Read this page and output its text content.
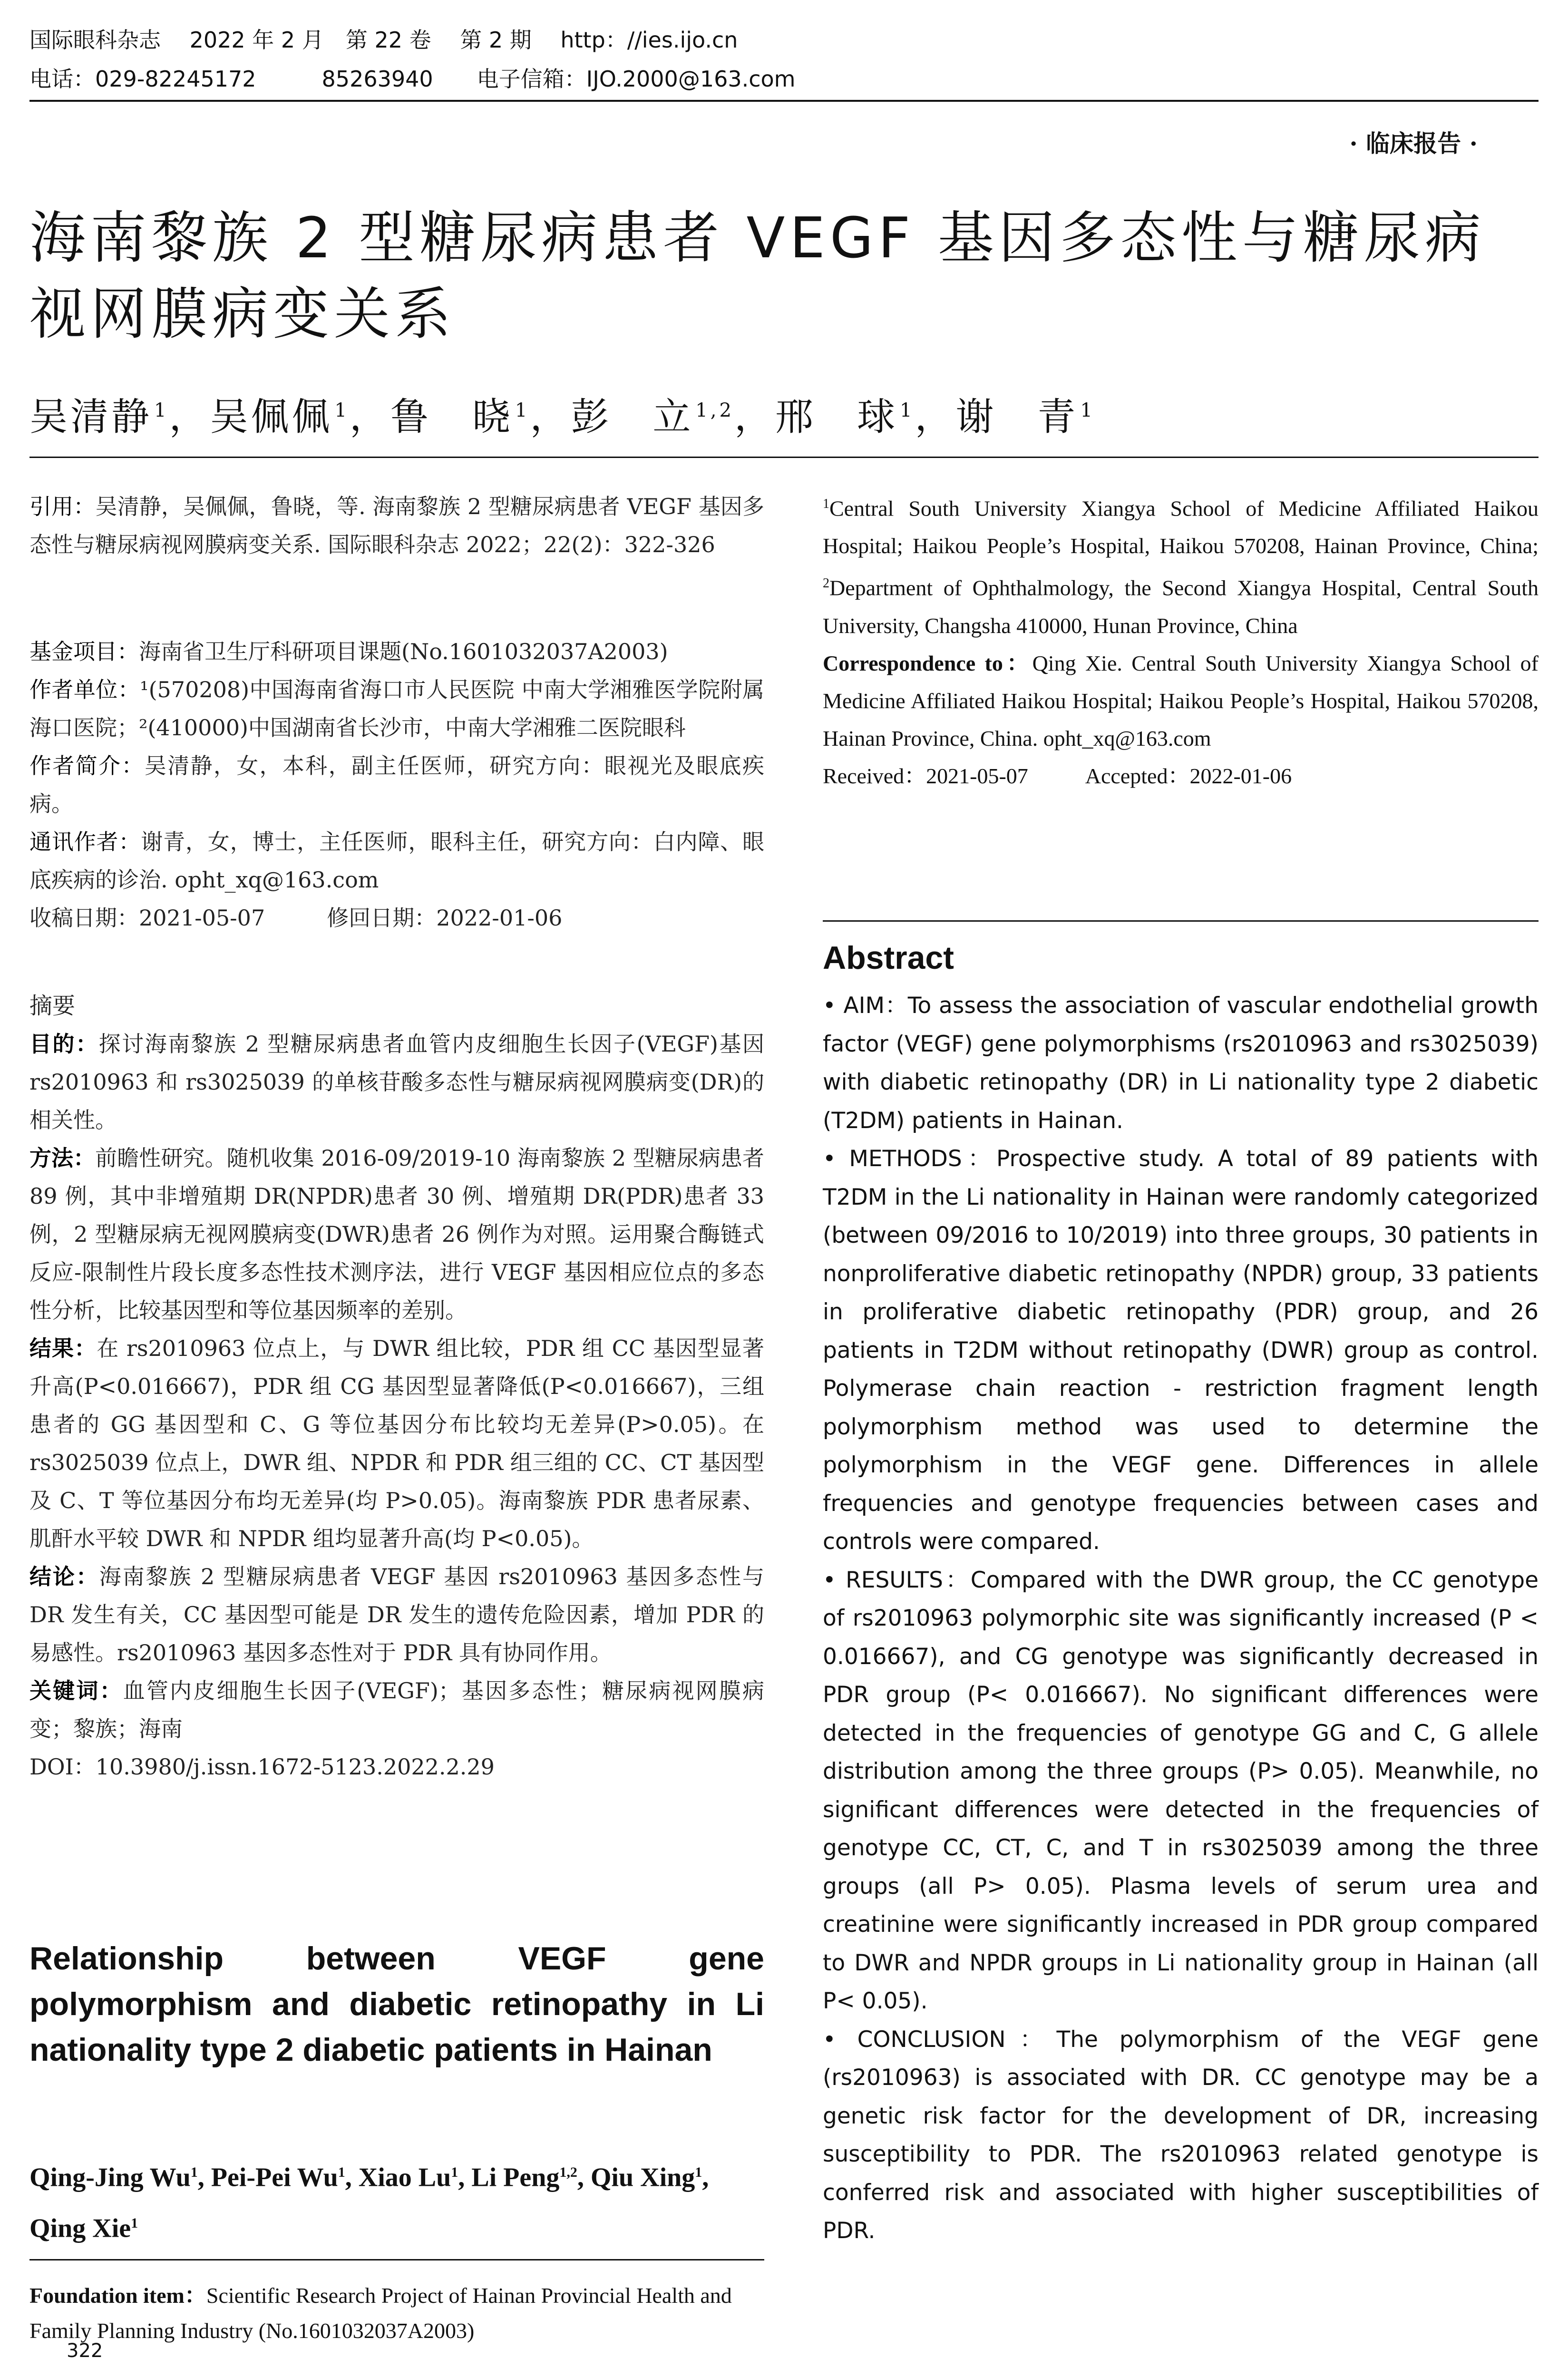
国际眼科杂志　 2022 年 2 月　第 22 卷　 第 2 期　 http：//ies.ijo.cn
电话：029-82245172　　　85263940　　电子信箱：IJO.2000@163.com
· 临床报告 ·
海南黎族 2 型糖尿病患者 VEGF 基因多态性与糖尿病视网膜病变关系
吴清静 $^1$，吴佩佩 $^1$，鲁　晓 $^1$，彭　立 $^{1,2}$，邢　球 $^1$，谢　青 $^1$

引用：吴清静，吴佩佩，鲁晓，等. 海南黎族 2 型糖尿病患者 VEGF 基因多态性与糖尿病视网膜病变关系. 国际眼科杂志 2022；22(2)：322-326

基金项目：海南省卫生厅科研项目课题(No.1601032037A2003)

作者单位：¹(570208)中国海南省海口市人民医院 中南大学湘雅医学院附属海口医院；²(410000)中国湖南省长沙市，中南大学湘雅二医院眼科

作者简介：吴清静，女，本科，副主任医师，研究方向：眼视光及眼底疾病。

通讯作者：谢青，女，博士，主任医师，眼科主任，研究方向：白内障、眼底疾病的诊治. opht_xq@163.com

收稿日期：2021-05-07	修回日期：2022-01-06

摘要

目的：探讨海南黎族 2 型糖尿病患者血管内皮细胞生长因子(VEGF)基因 rs2010963 和 rs3025039 的单核苷酸多态性与糖尿病视网膜病变(DR)的相关性。

方法：前瞻性研究。随机收集 2016-09/2019-10 海南黎族 2 型糖尿病患者 89 例，其中非增殖期 DR(NPDR)患者 30 例、增殖期 DR(PDR)患者 33 例，2 型糖尿病无视网膜病变(DWR)患者 26 例作为对照。运用聚合酶链式反应-限制性片段长度多态性技术测序法，进行 VEGF 基因相应位点的多态性分析，比较基因型和等位基因频率的差别。

结果：在 rs2010963 位点上，与 DWR 组比较，PDR 组 CC 基因型显著升高(P<0.016667)，PDR 组 CG 基因型显著降低(P<0.016667)，三组患者的 GG 基因型和 C、G 等位基因分布比较均无差异(P>0.05)。在 rs3025039 位点上，DWR 组、NPDR 和 PDR 组三组的 CC、CT 基因型及 C、T 等位基因分布均无差异(均 P>0.05)。海南黎族 PDR 患者尿素、肌酐水平较 DWR 和 NPDR 组均显著升高(均 P<0.05)。

结论：海南黎族 2 型糖尿病患者 VEGF 基因 rs2010963 基因多态性与 DR 发生有关，CC 基因型可能是 DR 发生的遗传危险因素，增加 PDR 的易感性。rs2010963 基因多态性对于 PDR 具有协同作用。

关键词：血管内皮细胞生长因子(VEGF)；基因多态性；糖尿病视网膜病变；黎族；海南

DOI：10.3980/j.issn.1672-5123.2022.2.29

Relationship between VEGF gene polymorphism and diabetic retinopathy in Li nationality type 2 diabetic patients in Hainan
Qing-Jing Wu$^1$, Pei-Pei Wu$^1$, Xiao Lu$^1$, Li Peng$^{1,2}$, Qiu Xing$^1$, Qing Xie$^1$
Foundation item：Scientific Research Project of Hainan Provincial Health and Family Planning Industry (No.1601032037A2003)
322

$^1$Central South University Xiangya School of Medicine Affiliated Haikou Hospital; Haikou People’s Hospital, Haikou 570208, Hainan Province, China; $^2$Department of Ophthalmology, the Second Xiangya Hospital, Central South University, Changsha 410000, Hunan Province, China

Correspondence to：Qing Xie. Central South University Xiangya School of Medicine Affiliated Haikou Hospital; Haikou People’s Hospital, Haikou 570208, Hainan Province, China. opht_xq@163.com

Received：2021-05-07	Accepted：2022-01-06

Abstract

• AIM：To assess the association of vascular endothelial growth factor (VEGF) gene polymorphisms (rs2010963 and rs3025039) with diabetic retinopathy (DR) in Li nationality type 2 diabetic (T2DM) patients in Hainan.

• METHODS：Prospective study. A total of 89 patients with T2DM in the Li nationality in Hainan were randomly categorized (between 09/2016 to 10/2019) into three groups, 30 patients in nonproliferative diabetic retinopathy (NPDR) group, 33 patients in proliferative diabetic retinopathy (PDR) group, and 26 patients in T2DM without retinopathy (DWR) group as control. Polymerase chain reaction - restriction fragment length polymorphism method was used to determine the polymorphism in the VEGF gene. Differences in allele frequencies and genotype frequencies between cases and controls were compared.

• RESULTS：Compared with the DWR group, the CC genotype of rs2010963 polymorphic site was significantly increased (P < 0.016667), and CG genotype was significantly decreased in PDR group (P< 0.016667). No significant differences were detected in the frequencies of genotype GG and C, G allele distribution among the three groups (P> 0.05). Meanwhile, no significant differences were detected in the frequencies of genotype CC, CT, C, and T in rs3025039 among the three groups (all P> 0.05). Plasma levels of serum urea and creatinine were significantly increased in PDR group compared to DWR and NPDR groups in Li nationality group in Hainan (all P< 0.05).

• CONCLUSION：The polymorphism of the VEGF gene (rs2010963) is associated with DR. CC genotype may be a genetic risk factor for the development of DR, increasing susceptibility to PDR. The rs2010963 related genotype is conferred risk and associated with higher susceptibilities of PDR.
